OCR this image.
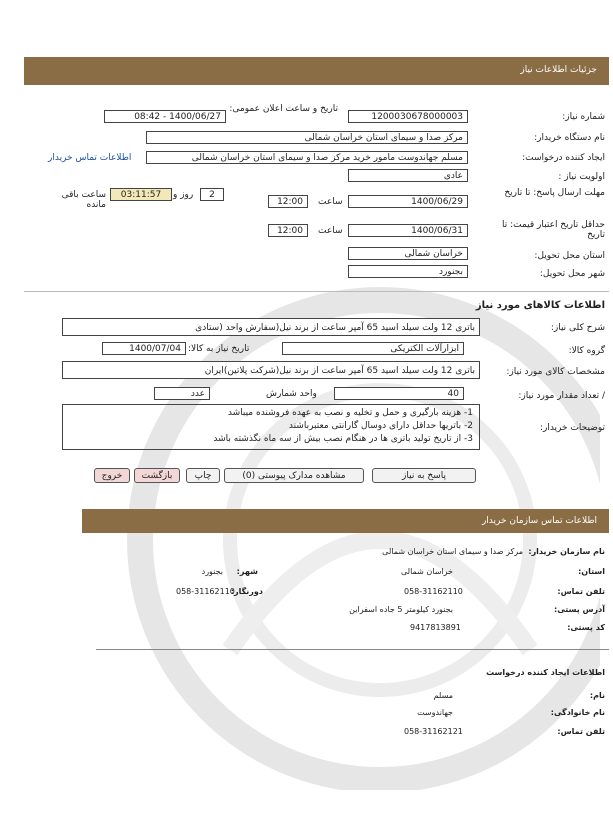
جزئیات اطلاعات نیاز
شماره نیاز:
1200030678000003
تاریخ و ساعت اعلان عمومی:
1400/06/27 - 08:42
نام دستگاه خریدار:
مرکز صدا و سیمای استان خراسان شمالی
ایجاد کننده درخواست:
مسلم جهاندوست مامور خرید مرکز صدا و سیمای استان خراسان شمالی
اطلاعات تماس خریدار
اولویت نیاز :
عادی
مهلت ارسال پاسخ: تا تاریخ
1400/06/29
ساعت
12:00
2
روز و
03:11:57
ساعت باقی مانده
حداقل تاریخ اعتبار قیمت: تا تاریخ
1400/06/31
ساعت
12:00
استان محل تحویل:
خراسان شمالی
شهر محل تحویل:
بجنورد
اطلاعات کالاهای مورد نیاز
شرح کلی نیاز:
باتری 12 ولت سیلد اسید 65 آمپر ساعت از برند نیل(سفارش واحد (ستادی
گروه کالا:
ابزارآلات الکتریکی
تاریخ نیاز به کالا:
1400/07/04
مشخصات کالای مورد نیاز:
باتری 12 ولت سیلد اسید 65 آمپر ساعت از برند نیل(شرکت پلاتین)ایران
/ تعداد مقدار مورد نیاز:
40
واحد شمارش
عدد
توضیحات خریدار:
1- هزینه بارگیری و حمل و تخلیه و نصب به عهده فروشنده میباشد
2- باتریها حداقل دارای دوسال گارانتی معتبرباشند
3- از تاریخ تولید باتری ها در هنگام نصب بیش از سه ماه نگذشته باشد
پاسخ به نیاز
مشاهده مدارک پیوستی (0)
چاپ
بازگشت
خروج
اطلاعات تماس سازمان خریدار
نام سازمان خریدار:
مرکز صدا و سیمای استان خراسان شمالی
استان:
خراسان شمالی
شهر:
بجنورد
تلفن تماس:
058-31162110
دورنگار:
058-31162110
آدرس پستی:
بجنورد کیلومتر 5 جاده اسفراین
کد پستی:
9417813891
اطلاعات ایجاد کننده درخواست
نام:
مسلم
نام خانوادگی:
جهاندوست
تلفن تماس:
058-31162121
